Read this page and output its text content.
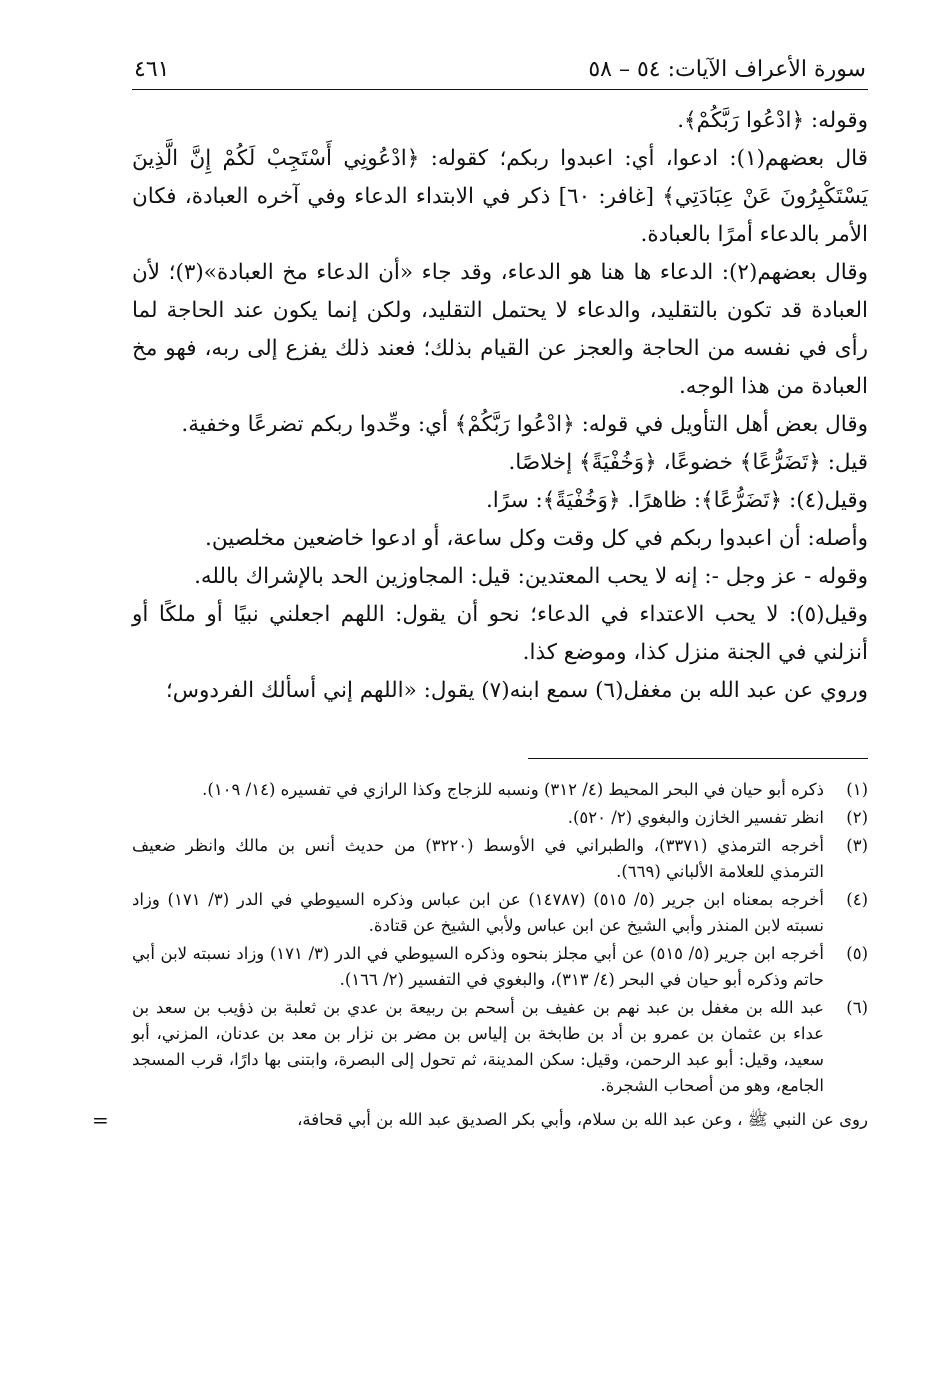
سورة الأعراف الآيات: ٥٤ – ٥٨
٤٦١

وقوله: ﴿ادْعُوا رَبَّكُمْ﴾.

قال بعضهم(١): ادعوا، أي: اعبدوا ربكم؛ كقوله: ﴿ادْعُونِي أَسْتَجِبْ لَكُمْ إِنَّ الَّذِينَ يَسْتَكْبِرُونَ عَنْ عِبَادَتِي﴾ [غافر: ٦٠] ذكر في الابتداء الدعاء وفي آخره العبادة، فكان الأمر بالدعاء أمرًا بالعبادة.

وقال بعضهم(٢): الدعاء ها هنا هو الدعاء، وقد جاء «أن الدعاء مخ العبادة»(٣)؛ لأن العبادة قد تكون بالتقليد، والدعاء لا يحتمل التقليد، ولكن إنما يكون عند الحاجة لما رأى في نفسه من الحاجة والعجز عن القيام بذلك؛ فعند ذلك يفزع إلى ربه، فهو مخ العبادة من هذا الوجه.

وقال بعض أهل التأويل في قوله: ﴿ادْعُوا رَبَّكُمْ﴾ أي: وحِّدوا ربكم تضرعًا وخفية.

قيل: ﴿تَضَرُّعًا﴾ خضوعًا، ﴿وَخُفْيَةً﴾ إخلاصًا.

وقيل(٤): ﴿تَضَرُّعًا﴾: ظاهرًا. ﴿وَخُفْيَةً﴾: سرًا.

وأصله: أن اعبدوا ربكم في كل وقت وكل ساعة، أو ادعوا خاضعين مخلصين.

وقوله - عز وجل -: إنه لا يحب المعتدين: قيل: المجاوزين الحد بالإشراك بالله.

وقيل(٥): لا يحب الاعتداء في الدعاء؛ نحو أن يقول: اللهم اجعلني نبيًا أو ملكًا أو أنزلني في الجنة منزل كذا، وموضع كذا.

وروي عن عبد الله بن مغفل(٦) سمع ابنه(٧) يقول: «اللهم إني أسألك الفردوس؛

(١)
ذكره أبو حيان في البحر المحيط (٤/ ٣١٢) ونسبه للزجاج وكذا الرازي في تفسيره (١٤/ ١٠٩).
(٢)
انظر تفسير الخازن والبغوي (٢/ ٥٢٠).
(٣)
أخرجه الترمذي (٣٣٧١)، والطبراني في الأوسط (٣٢٢٠) من حديث أنس بن مالك وانظر ضعيف الترمذي للعلامة الألباني (٦٦٩).
(٤)
أخرجه بمعناه ابن جرير (٥/ ٥١٥) (١٤٧٨٧) عن ابن عباس وذكره السيوطي في الدر (٣/ ١٧١) وزاد نسبته لابن المنذر وأبي الشيخ عن ابن عباس ولأبي الشيخ عن قتادة.
(٥)
أخرجه ابن جرير (٥/ ٥١٥) عن أبي مجلز بنحوه وذكره السيوطي في الدر (٣/ ١٧١) وزاد نسبته لابن أبي حاتم وذكره أبو حيان في البحر (٤/ ٣١٣)، والبغوي في التفسير (٢/ ١٦٦).
(٦)
عبد الله بن مغفل بن عبد نهم بن عفيف بن أسحم بن ربيعة بن عدي بن ثعلبة بن ذؤيب بن سعد بن عداء بن عثمان بن عمرو بن أد بن طابخة بن إلياس بن مضر بن نزار بن معد بن عدنان، المزني، أبو سعيد، وقيل: أبو عبد الرحمن، وقيل: سكن المدينة، ثم تحول إلى البصرة، وابتنى بها دارًا، قرب المسجد الجامع، وهو من أصحاب الشجرة.
روى عن النبي ﷺ ، وعن عبد الله بن سلام، وأبي بكر الصديق عبد الله بن أبي قحافة،
=
